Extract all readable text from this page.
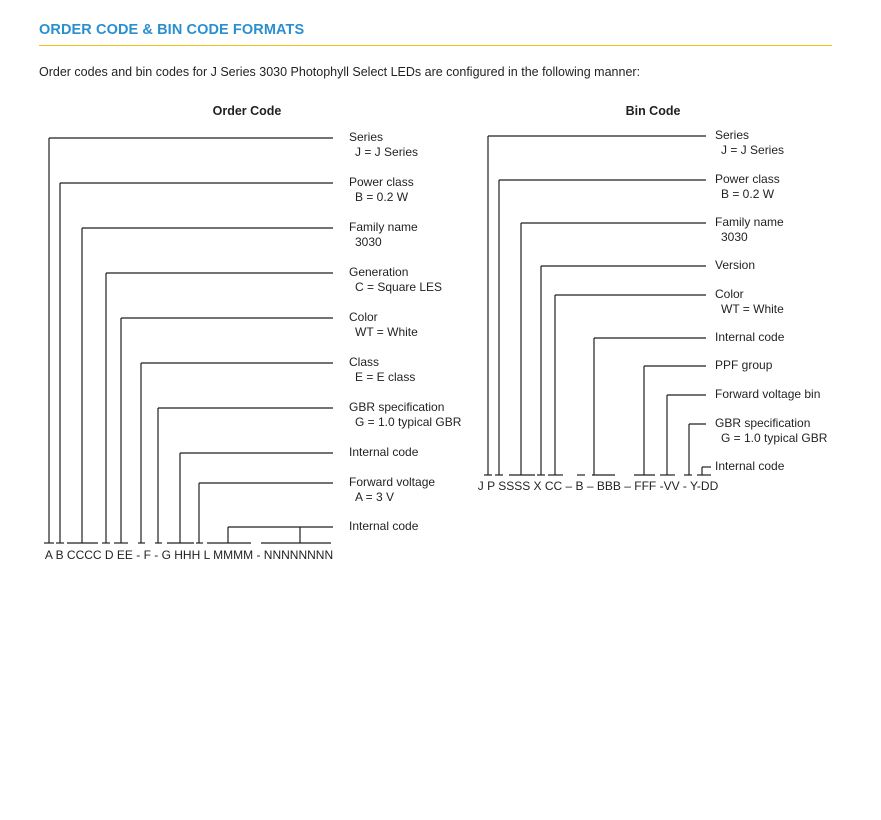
ORDER CODE & BIN CODE FORMATS
Order codes and bin codes for J Series 3030 Photophyll Select LEDs are configured in the following manner:
Order Code	Bin Code
Series
J = J Series
Power class
B = 0.2 W
Family name
3030
Generation
C = Square LES
Color
WT = White
Class
E = E class
GBR specification
G = 1.0 typical GBR
Internal code
Forward voltage
A = 3 V
Internal code
Series
J = J Series
Power class
B = 0.2 W
Family name
3030
Version
Color
WT = White
Internal code
PPF group
Forward voltage bin
GBR specification
G = 1.0 typical GBR
Internal code
A B CCCC D EE - F - G HHH L MMMM - NNNNNNNN
J P SSSS X CC – B – BBB – FFF -VV - Y-DD
